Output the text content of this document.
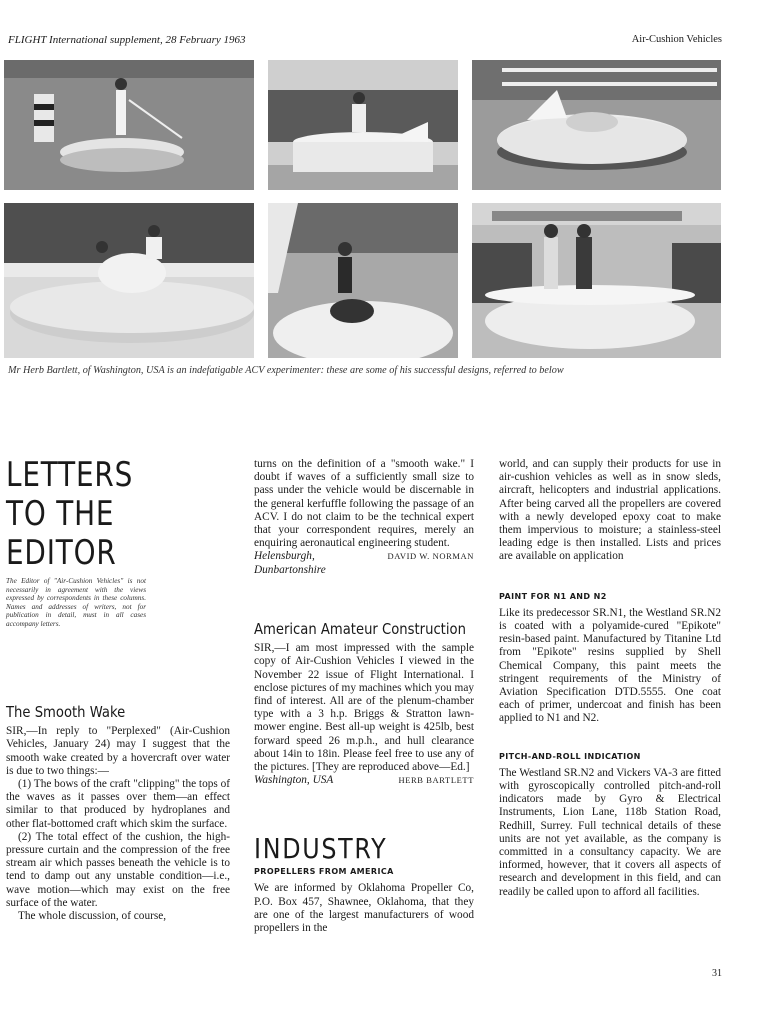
FLIGHT International supplement, 28 February 1963	Air-Cushion Vehicles
Mr Herb Bartlett, of Washington, USA is an indefatigable ACV experimenter: these are some of his successful designs, referred to below
LETTERS
TO THE
EDITOR
The Editor of "Air-Cushion Vehicles" is not necessarily in agreement with the views expressed by correspondents in these columns. Names and addresses of writers, not for publication in detail, must in all cases accompany letters.
The Smooth Wake

SIR,—In reply to "Perplexed" (Air-Cushion Vehicles, January 24) may I suggest that the smooth wake created by a hovercraft over water is due to two things:—

(1) The bows of the craft "clipping" the tops of the waves as it passes over them—an effect similar to that produced by hydroplanes and other flat-bottomed craft which skim the surface.

(2) The total effect of the cushion, the high-pressure curtain and the compression of the free stream air which passes beneath the vehicle is to tend to damp out any unstable condition—i.e., wave motion—which may exist on the free surface of the water.

The whole discussion, of course,

turns on the definition of a "smooth wake." I doubt if waves of a sufficiently small size to pass under the vehicle would be discernable in the general kerfuffle following the passage of an ACV. I do not claim to be the technical expert that your correspondent requires, merely an enquiring aeronautical engineering student.

Helensburgh,	DAVID W. NORMAN

Dunbartonshire

American Amateur Construction

SIR,—I am most impressed with the sample copy of Air-Cushion Vehicles I viewed in the November 22 issue of Flight International. I enclose pictures of my machines which you may find of interest. All are of the plenum-chamber type with a 3 h.p. Briggs & Stratton lawn-mower engine. Best all-up weight is 425lb, best forward speed 26 m.p.h., and hull clearance about 14in to 18in. Please feel free to use any of the pictures. [They are reproduced above—Ed.]

Washington, USA	HERB BARTLETT

INDUSTRY
PROPELLERS FROM AMERICA

We are informed by Oklahoma Propeller Co, P.O. Box 457, Shawnee, Oklahoma, that they are one of the largest manufacturers of wood propellers in the

world, and can supply their products for use in air-cushion vehicles as well as in snow sleds, aircraft, helicopters and industrial applications. After being carved all the propellers are covered with a newly developed epoxy coat to make them impervious to moisture; a stainless-steel leading edge is then installed. Lists and prices are available on application

PAINT FOR N1 AND N2

Like its predecessor SR.N1, the Westland SR.N2 is coated with a polyamide-cured "Epikote" resin-based paint. Manufactured by Titanine Ltd from "Epikote" resins supplied by Shell Chemical Company, this paint meets the stringent requirements of the Ministry of Aviation Specification DTD.5555. One coat each of primer, undercoat and finish has been applied to N1 and N2.

PITCH-AND-ROLL INDICATION

The Westland SR.N2 and Vickers VA-3 are fitted with gyroscopically controlled pitch-and-roll indicators made by Gyro & Electrical Instruments, Lion Lane, 118b Station Road, Redhill, Surrey. Full technical details of these units are not yet available, as the company is committed in a consultancy capacity. We are informed, however, that it covers all aspects of research and development in this field, and can readily be called upon to afford all facilities.

31
